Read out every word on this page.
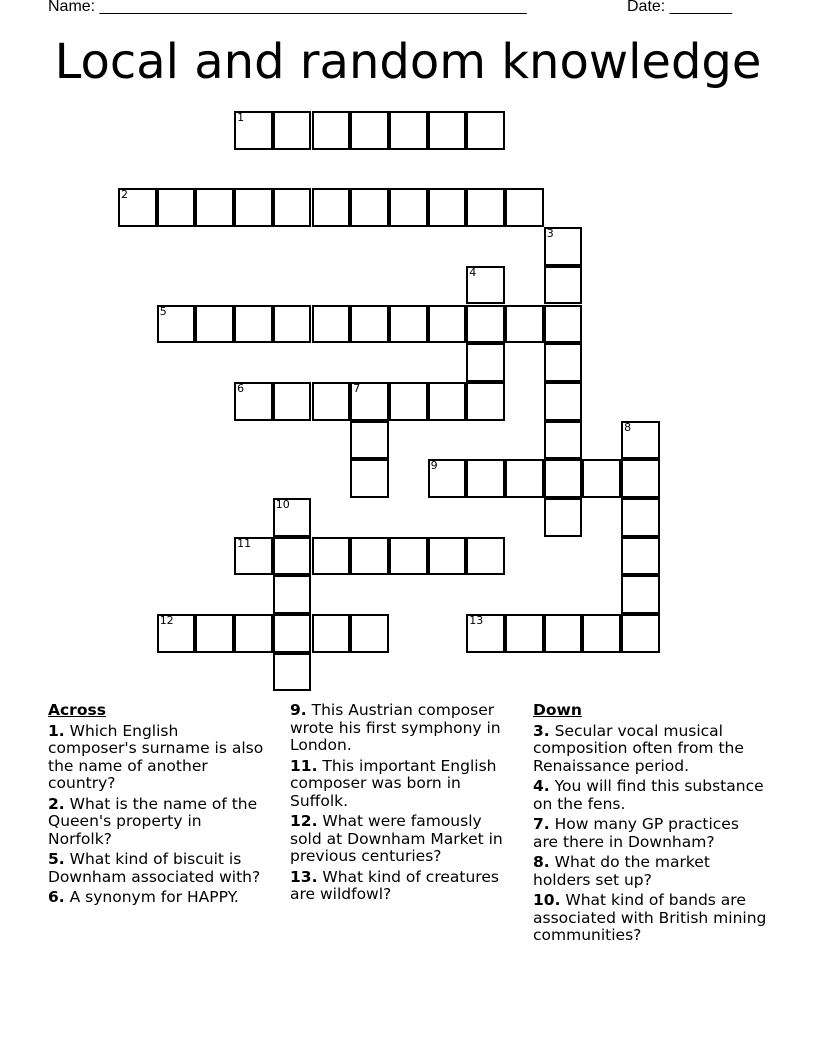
Name: ________________________________________________	Date: _______
Local and random knowledge
1
2
3
4
5
6	7
8
9
10
11
12	13
Across
1. Which English composer's surname is also the name of another country?
2. What is the name of the Queen's property in Norfolk?
5. What kind of biscuit is Downham associated with?
6. A synonym for HAPPY.
9. This Austrian composer wrote his first symphony in London.
11. This important English composer was born in Suffolk.
12. What were famously sold at Downham Market in previous centuries?
13. What kind of creatures are wildfowl?
Down
3. Secular vocal musical composition often from the Renaissance period.
4. You will find this substance on the fens.
7. How many GP practices are there in Downham?
8. What do the market holders set up?
10. What kind of bands are associated with British mining communities?
